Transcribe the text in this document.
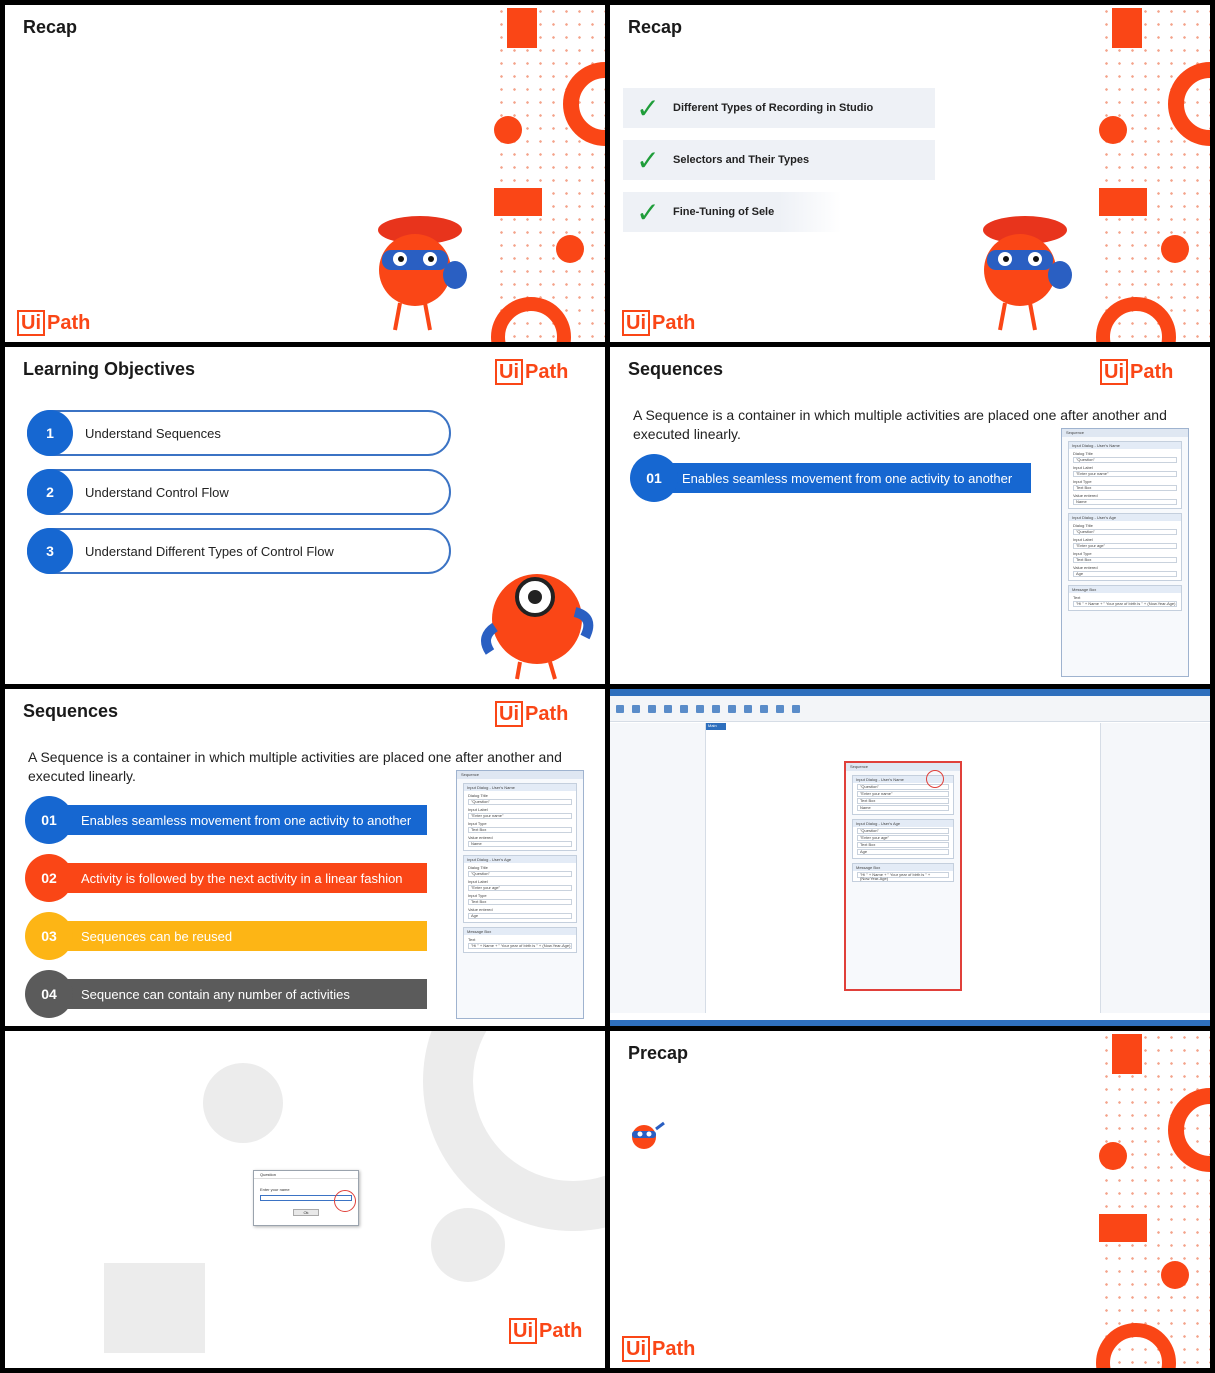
Recap
Ui Path
Recap
✓	Different Types of Recording in Studio
✓	Selectors and Their Types
✓	Fine-Tuning of Sele
Ui Path
Learning Objectives	Ui Path
1	Understand Sequences
2	Understand Control Flow
3	Understand Different Types of Control Flow
Sequences	Ui Path
A Sequence is a container in which multiple activities are placed one after another and executed linearly.
Enables seamless movement from one activity to another
01
Sequence
Input Dialog - User's Name
Dialog Title
"Question"
Input Label
"Enter your name"
Input Type
Text Box
Value entered
Name
Input Dialog - User's Age
Dialog Title
"Question"
Input Label
"Enter your age"
Input Type
Text Box
Value entered
Age
Message Box
Text
"Hi " + Name + " Your year of birth is " + (Now.Year-Age)
Sequences	Ui Path
A Sequence is a container in which multiple activities are placed one after another and executed linearly.
Enables seamless movement from one activity to another
01
Activity is followed by the next activity in a linear fashion
02
Sequences can be reused
03
Sequence can contain any number of activities
04
Sequence
Input Dialog - User's Name
Dialog Title
"Question"
Input Label
"Enter your name"
Input Type
Text Box
Value entered
Name
Input Dialog - User's Age
Dialog Title
"Question"
Input Label
"Enter your age"
Input Type
Text Box
Value entered
Age
Message Box
Text
"Hi " + Name + " Your year of birth is " + (Now.Year-Age)
Main
Sequence
Input Dialog - User's Name
"Question"
"Enter your name"
Text Box
Name
Input Dialog - User's Age
"Question"
"Enter your age"
Text Box
Age
Message Box
"Hi " + Name + " Your year of birth is " + (Now.Year-Age)
Question
Enter your name
Ok
Ui Path
Precap
Ui Path
